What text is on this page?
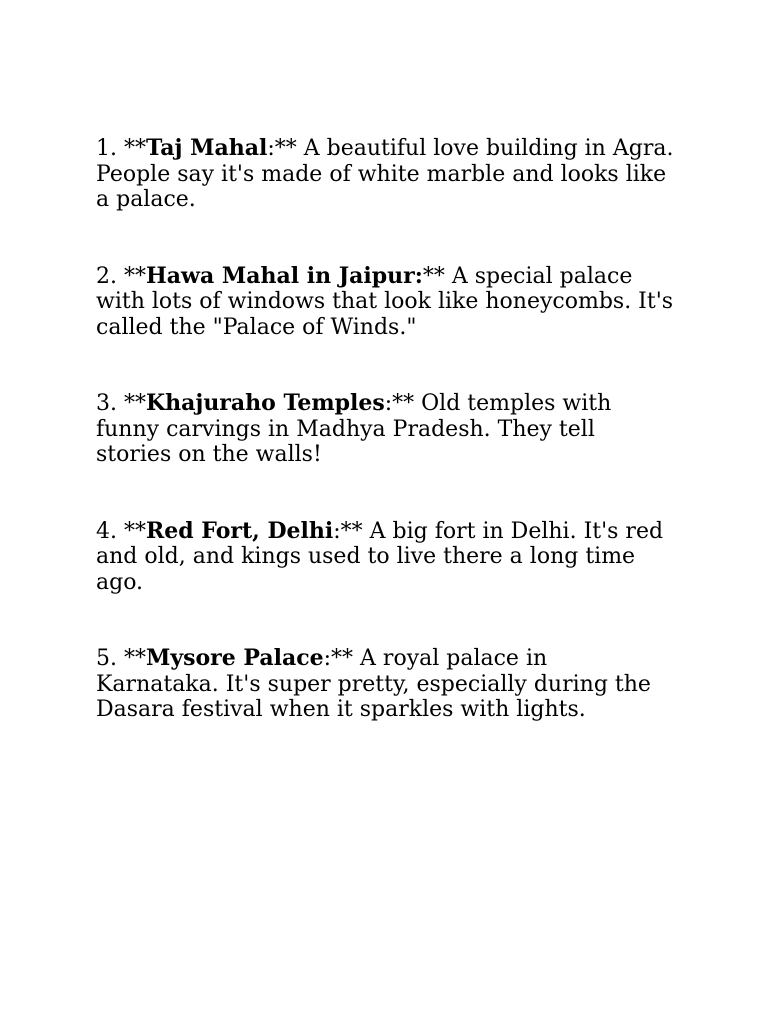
1. **Taj Mahal:** A beautiful love building in Agra. People say it's made of white marble and looks like a palace.

2. **Hawa Mahal in Jaipur:** A special palace with lots of windows that look like honeycombs. It's called the "Palace of Winds."

3. **Khajuraho Temples:** Old temples with funny carvings in Madhya Pradesh. They tell stories on the walls!

4. **Red Fort, Delhi:** A big fort in Delhi. It's red and old, and kings used to live there a long time ago.

5. **Mysore Palace:** A royal palace in Karnataka. It's super pretty, especially during the Dasara festival when it sparkles with lights.
